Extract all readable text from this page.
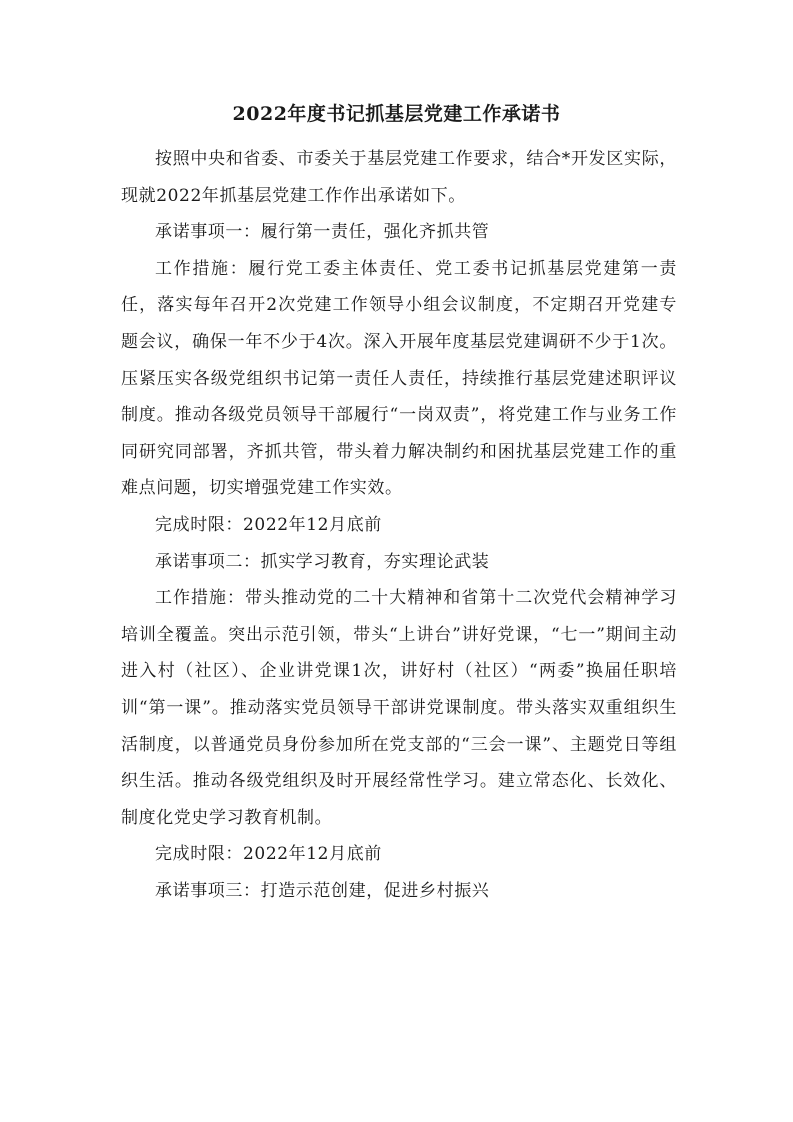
2022年度书记抓基层党建工作承诺书

按照中央和省委、市委关于基层党建工作要求，结合*开发区实际，现就2022年抓基层党建工作作出承诺如下。

承诺事项一：履行第一责任，强化齐抓共管

工作措施：履行党工委主体责任、党工委书记抓基层党建第一责任，落实每年召开2次党建工作领导小组会议制度，不定期召开党建专题会议，确保一年不少于4次。深入开展年度基层党建调研不少于1次。压紧压实各级党组织书记第一责任人责任，持续推行基层党建述职评议制度。推动各级党员领导干部履行“一岗双责”，将党建工作与业务工作同研究同部署，齐抓共管，带头着力解决制约和困扰基层党建工作的重难点问题，切实增强党建工作实效。

完成时限：2022年12月底前

承诺事项二：抓实学习教育，夯实理论武装

工作措施：带头推动党的二十大精神和省第十二次党代会精神学习培训全覆盖。突出示范引领，带头“上讲台”讲好党课，“七一”期间主动进入村（社区）、企业讲党课1次，讲好村（社区）“两委”换届任职培训“第一课”。推动落实党员领导干部讲党课制度。带头落实双重组织生活制度，以普通党员身份参加所在党支部的“三会一课”、主题党日等组织生活。推动各级党组织及时开展经常性学习。建立常态化、长效化、制度化党史学习教育机制。

完成时限：2022年12月底前

承诺事项三：打造示范创建，促进乡村振兴
